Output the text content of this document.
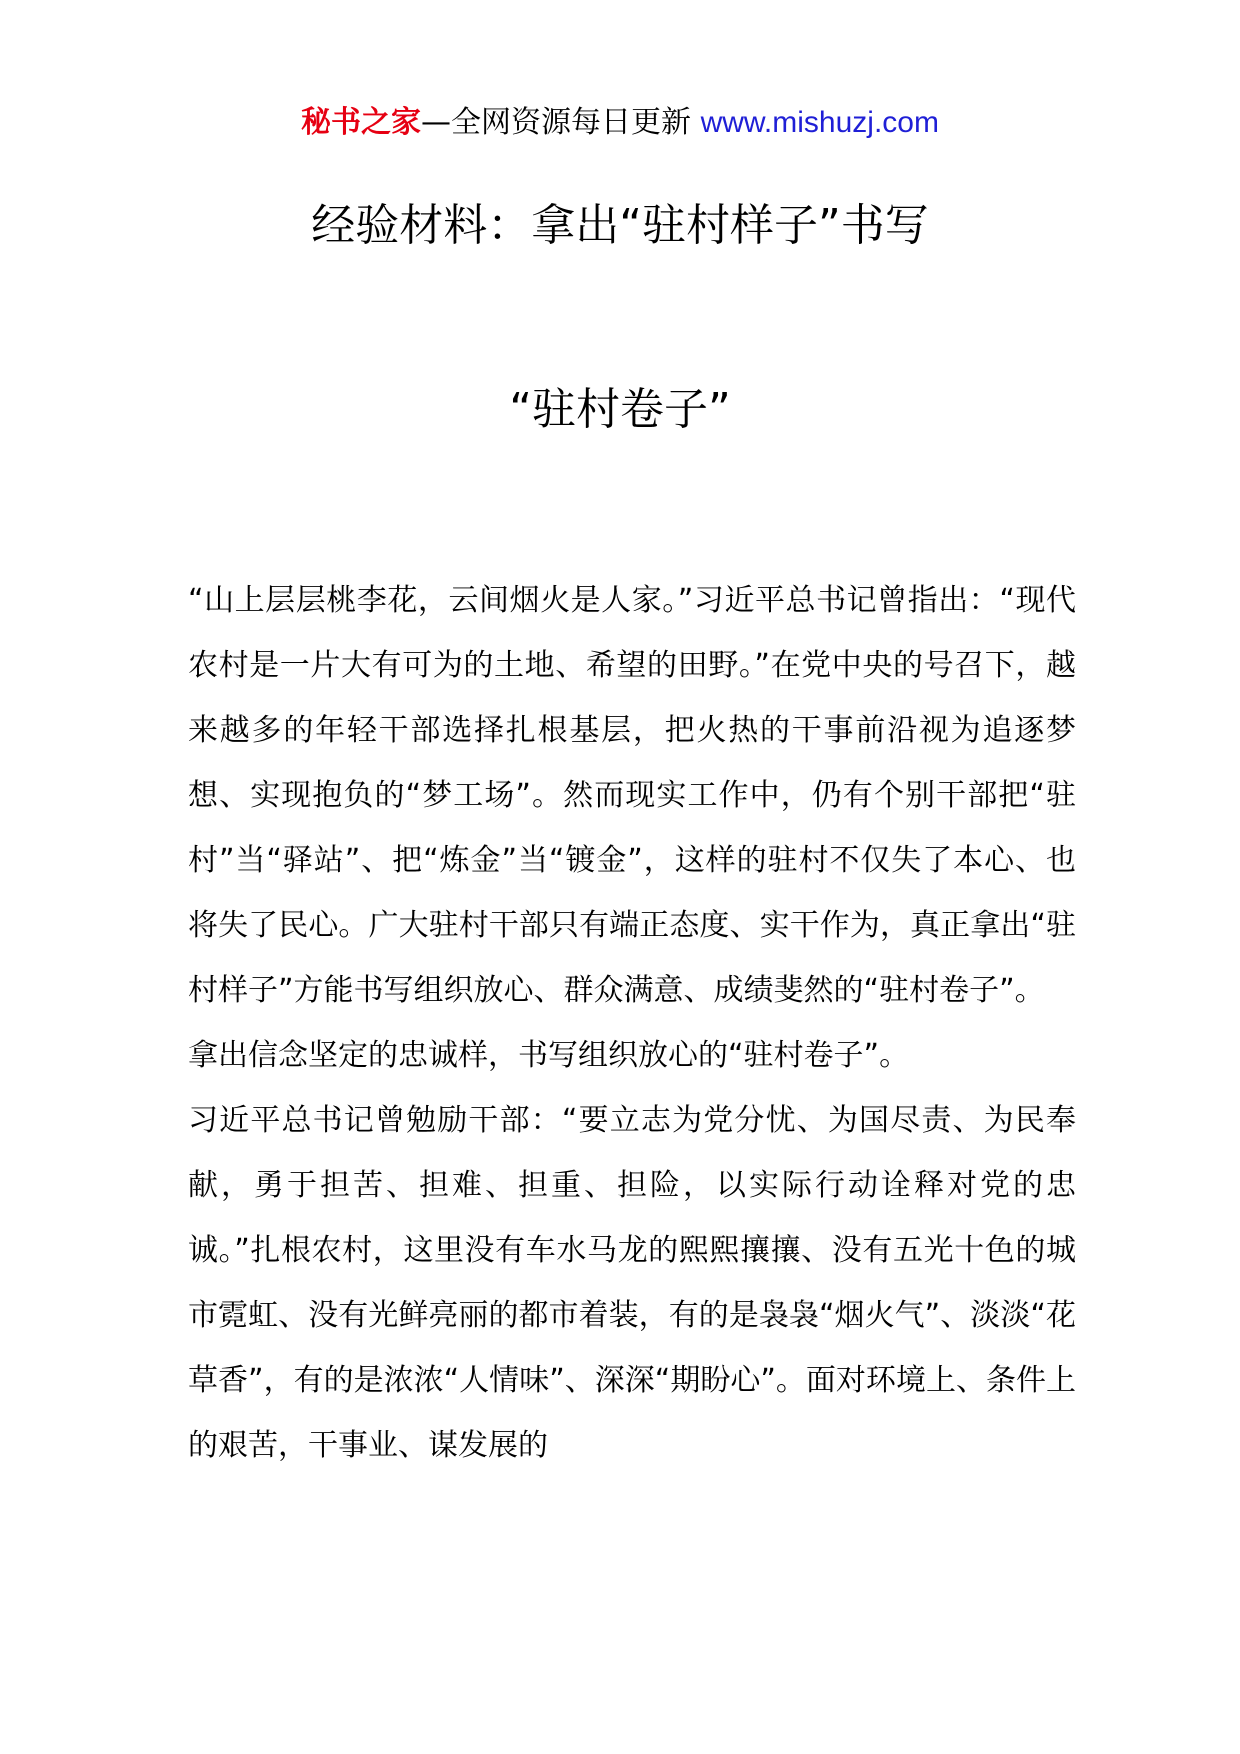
秘书之家—全网资源每日更新 www.mishuzj.com
经验材料：拿出“驻村样子”书写
“驻村卷子”

“山上层层桃李花，云间烟火是人家。”习近平总书记曾指出：“现代农村是一片大有可为的土地、希望的田野。”在党中央的号召下，越来越多的年轻干部选择扎根基层，把火热的干事前沿视为追逐梦想、实现抱负的“梦工场”。然而现实工作中，仍有个别干部把“驻村”当“驿站”、把“炼金”当“镀金”，这样的驻村不仅失了本心、也将失了民心。广大驻村干部只有端正态度、实干作为，真正拿出“驻村样子”方能书写组织放心、群众满意、成绩斐然的“驻村卷子”。

拿出信念坚定的忠诚样，书写组织放心的“驻村卷子”。

习近平总书记曾勉励干部：“要立志为党分忧、为国尽责、为民奉献，勇于担苦、担难、担重、担险，以实际行动诠释对党的忠诚。”扎根农村，这里没有车水马龙的熙熙攘攘、没有五光十色的城市霓虹、没有光鲜亮丽的都市着装，有的是袅袅“烟火气”、淡淡“花草香”，有的是浓浓“人情味”、深深“期盼心”。面对环境上、条件上的艰苦，干事业、谋发展的
